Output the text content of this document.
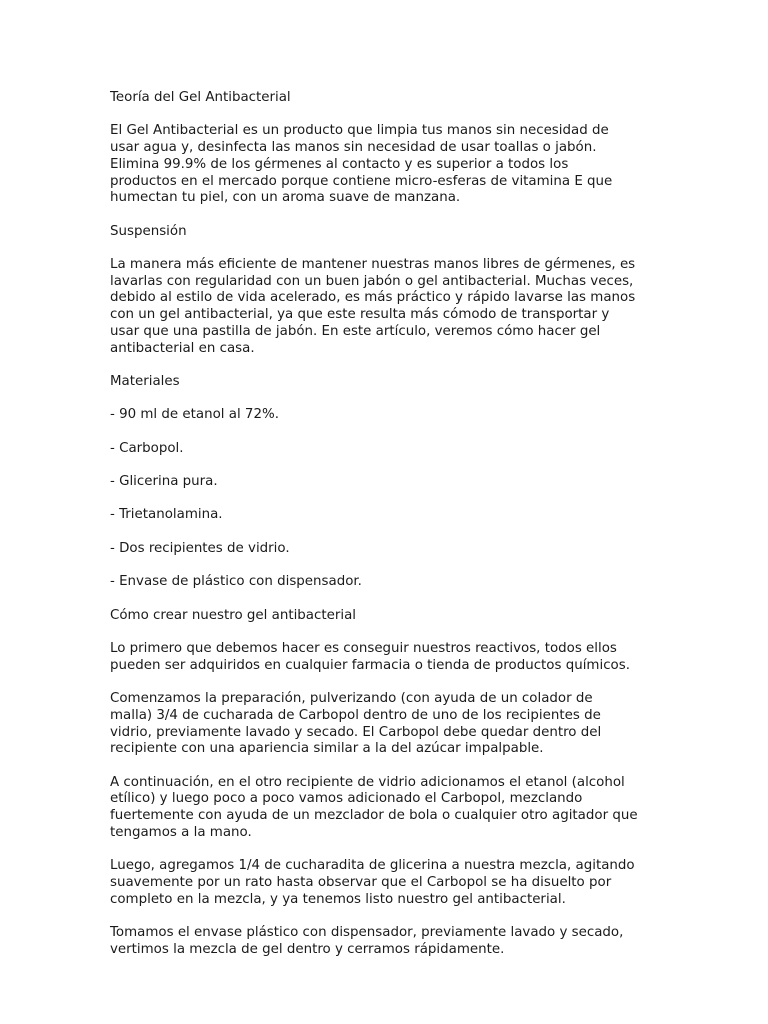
Teoría del Gel Antibacterial

El Gel Antibacterial es un producto que limpia tus manos sin necesidad de
usar agua y, desinfecta las manos sin necesidad de usar toallas o jabón.
Elimina 99.9% de los gérmenes al contacto y es superior a todos los
productos en el mercado porque contiene micro-esferas de vitamina E que
humectan tu piel, con un aroma suave de manzana.

Suspensión

La manera más eficiente de mantener nuestras manos libres de gérmenes, es
lavarlas con regularidad con un buen jabón o gel antibacterial. Muchas veces,
debido al estilo de vida acelerado, es más práctico y rápido lavarse las manos
con un gel antibacterial, ya que este resulta más cómodo de transportar y
usar que una pastilla de jabón. En este artículo, veremos cómo hacer gel
antibacterial en casa.

Materiales

- 90 ml de etanol al 72%.

- Carbopol.

- Glicerina pura.

- Trietanolamina.

- Dos recipientes de vidrio.

- Envase de plástico con dispensador.

Cómo crear nuestro gel antibacterial

Lo primero que debemos hacer es conseguir nuestros reactivos, todos ellos
pueden ser adquiridos en cualquier farmacia o tienda de productos químicos.

Comenzamos la preparación, pulverizando (con ayuda de un colador de
malla) 3/4 de cucharada de Carbopol dentro de uno de los recipientes de
vidrio, previamente lavado y secado. El Carbopol debe quedar dentro del
recipiente con una apariencia similar a la del azúcar impalpable.

A continuación, en el otro recipiente de vidrio adicionamos el etanol (alcohol
etílico) y luego poco a poco vamos adicionado el Carbopol, mezclando
fuertemente con ayuda de un mezclador de bola o cualquier otro agitador que
tengamos a la mano.

Luego, agregamos 1/4 de cucharadita de glicerina a nuestra mezcla, agitando
suavemente por un rato hasta observar que el Carbopol se ha disuelto por
completo en la mezcla, y ya tenemos listo nuestro gel antibacterial.

Tomamos el envase plástico con dispensador, previamente lavado y secado,
vertimos la mezcla de gel dentro y cerramos rápidamente.
